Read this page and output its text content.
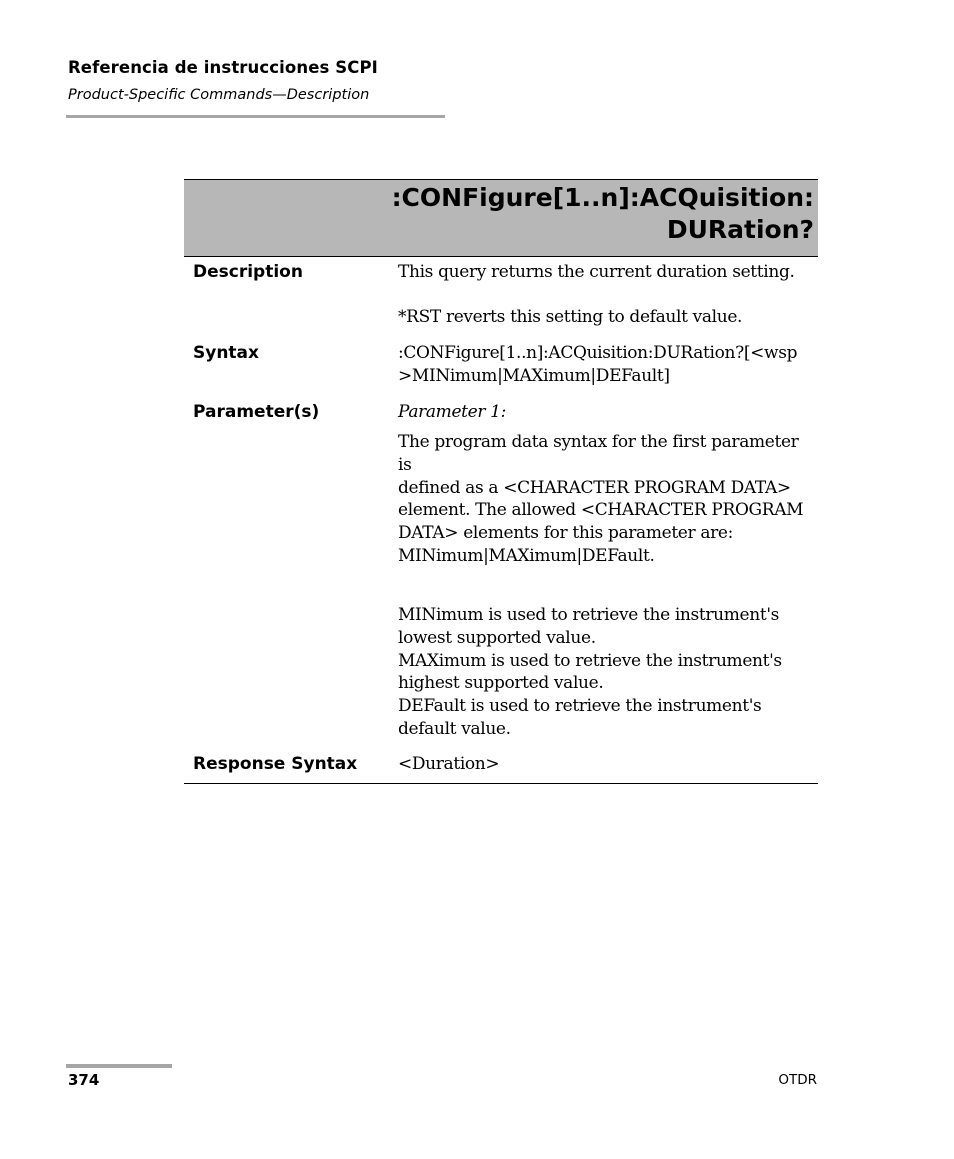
Referencia de instrucciones SCPI
Product-Specific Commands—Description
:CONFigure[1..n]:ACQuisition:
DURation?
Description	This query returns the current duration setting.
*RST reverts this setting to default value.
Syntax	:CONFigure[1..n]:ACQuisition:DURation?[<wsp
>MINimum|MAXimum|DEFault]
Parameter(s)	Parameter 1:
The program data syntax for the first parameter is
defined as a <CHARACTER PROGRAM DATA>
element. The allowed <CHARACTER PROGRAM
DATA> elements for this parameter are:
MINimum|MAXimum|DEFault.
MINimum is used to retrieve the instrument's
lowest supported value.
MAXimum is used to retrieve the instrument's
highest supported value.
DEFault is used to retrieve the instrument's
default value.
Response Syntax <Duration>
374	OTDR
